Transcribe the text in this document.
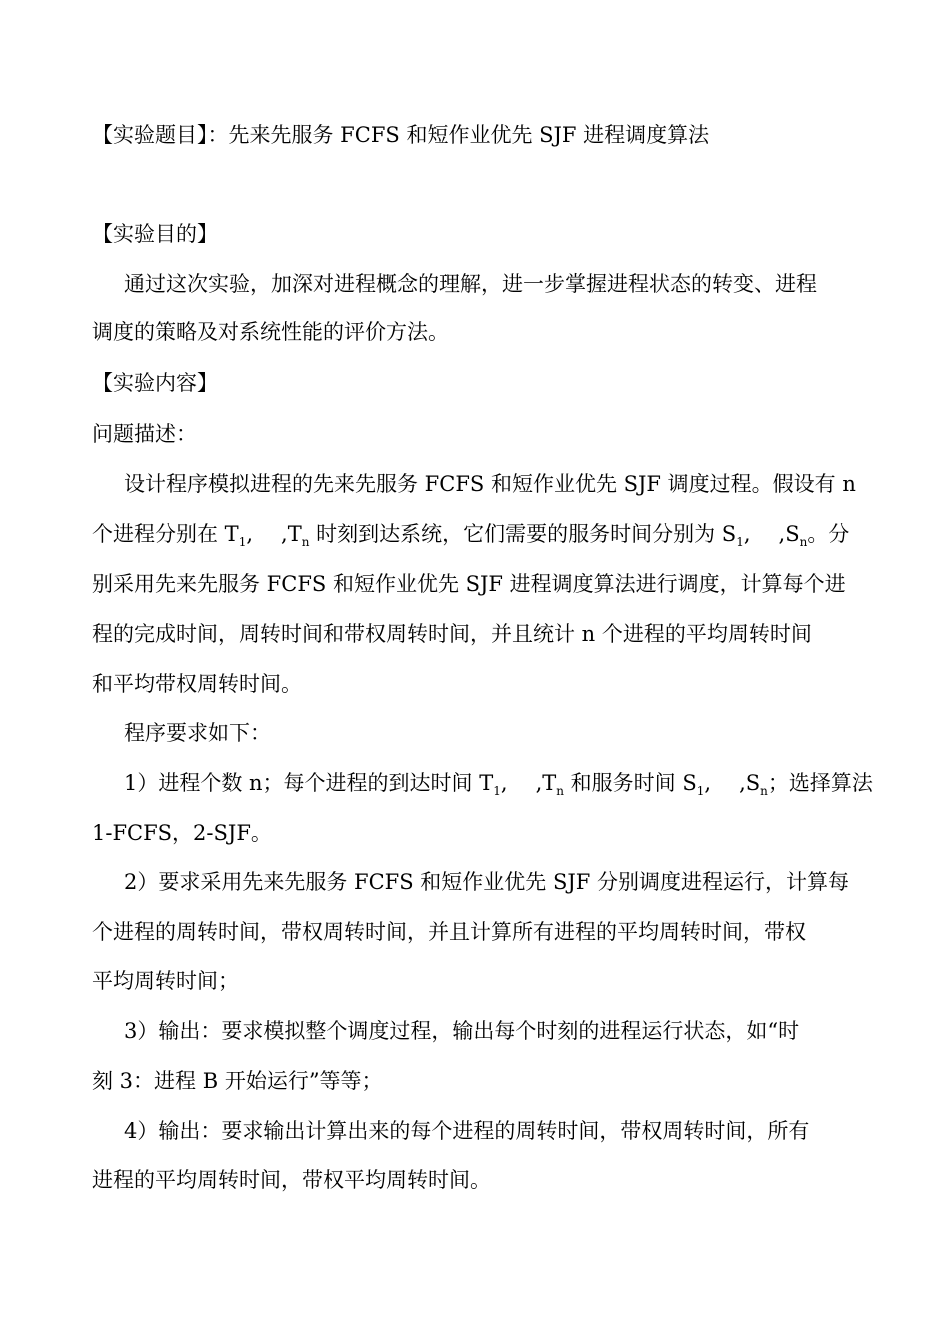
【实验题目】：先来先服务 FCFS 和短作业优先 SJF 进程调度算法
【实验目的】
通过这次实验，加深对进程概念的理解，进一步掌握进程状态的转变、进程
调度的策略及对系统性能的评价方法。
【实验内容】
问题描述：
设计程序模拟进程的先来先服务 FCFS 和短作业优先 SJF 调度过程。假设有 n
个进程分别在 $T_1$, $,T_n$ 时刻到达系统，它们需要的服务时间分别为 $S_1$, $,S_n$。分
别采用先来先服务 FCFS 和短作业优先 SJF 进程调度算法进行调度，计算每个进
程的完成时间，周转时间和带权周转时间，并且统计 n 个进程的平均周转时间
和平均带权周转时间。
程序要求如下：
1）进程个数 n；每个进程的到达时间 $T_1$, $,T_n$ 和服务时间 $S_1$, $,S_n$；选择算法
1-FCFS，2-SJF。
2）要求采用先来先服务 FCFS 和短作业优先 SJF 分别调度进程运行，计算每
个进程的周转时间，带权周转时间，并且计算所有进程的平均周转时间，带权
平均周转时间；
3）输出：要求模拟整个调度过程，输出每个时刻的进程运行状态，如“时
刻 3：进程 B 开始运行”等等；
4）输出：要求输出计算出来的每个进程的周转时间，带权周转时间，所有
进程的平均周转时间，带权平均周转时间。
